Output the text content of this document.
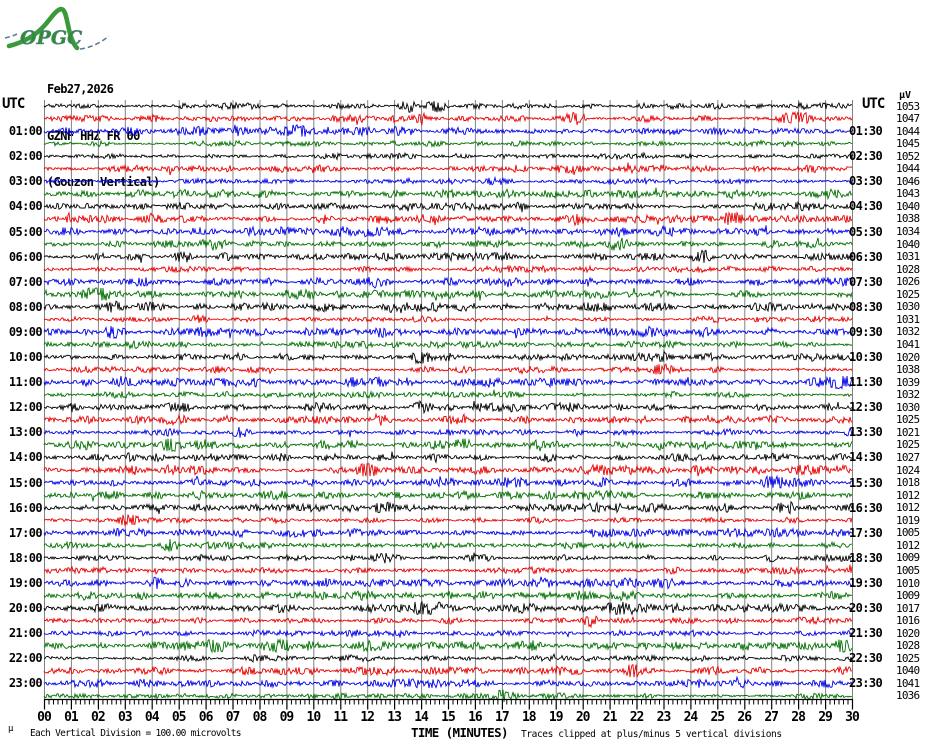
OPGC

Feb27,2026

GZNF HHZ FR 00

(Gouzon Vertical)

UTC	UTC
µV
00	01	02	03	04	05	06	07	08	09	10	11	12	13	14	15	16	17	18	19	20	21	22	23	24	25	26	27	28	29	30
01:00
02:00
03:00
04:00
05:00
06:00
07:00
08:00
09:00
10:00
11:00
12:00
13:00
14:00
15:00
16:00
17:00
18:00
19:00
20:00
21:00
22:00
23:00
01:30
02:30
03:30
04:30
05:30
06:30
07:30
08:30
09:30
10:30
11:30
12:30
13:30
14:30
15:30
16:30
17:30
18:30
19:30
20:30
21:30
22:30
23:30
1053
1047
1044
1045
1052
1044
1046
1043
1040
1038
1034
1040
1031
1028
1026
1025
1030
1031
1032
1041
1020
1038
1039
1032
1030
1025
1021
1025
1027
1024
1018
1012
1012
1019
1005
1012
1009
1005
1010
1009
1017
1016
1020
1028
1025
1040
1041
1036
µ Each Vertical Division = 100.00 microvolts	TIME (MINUTES) Traces clipped at plus/minus 5 vertical divisions
